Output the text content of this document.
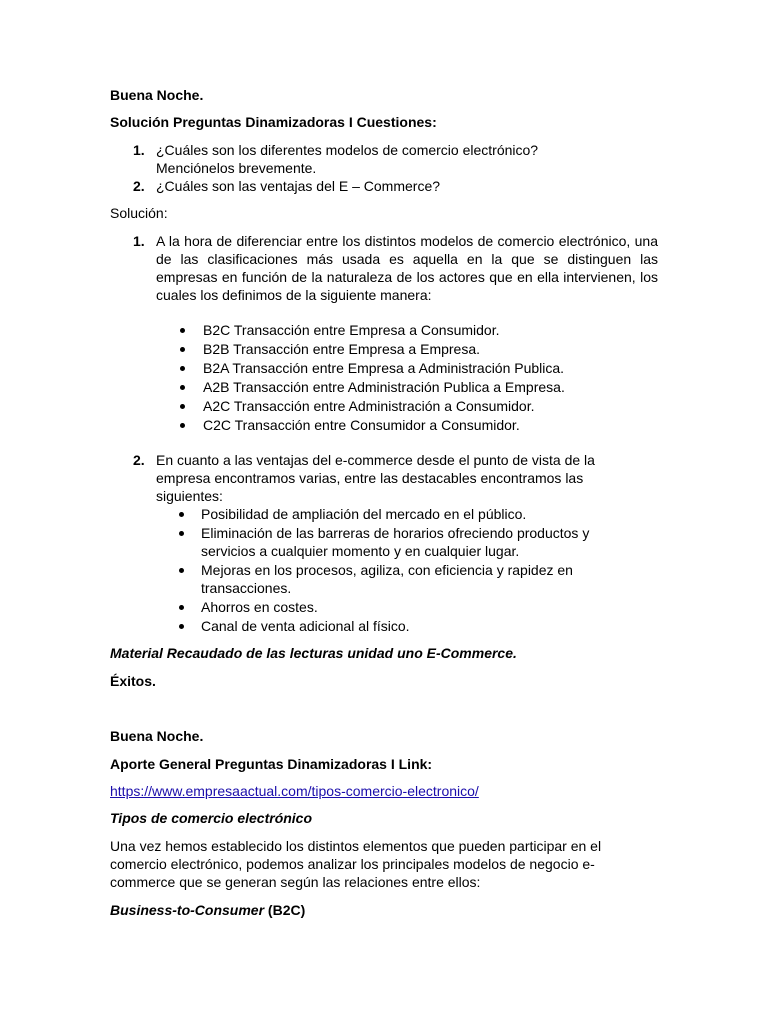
Buena Noche.
Solución Preguntas Dinamizadoras I Cuestiones:
1. ¿Cuáles son los diferentes modelos de comercio electrónico?
Menciónelos brevemente.
2. ¿Cuáles son las ventajas del E – Commerce?
Solución:
1. A la hora de diferenciar entre los distintos modelos de comercio electrónico, una de las clasificaciones más usada es aquella en la que se distinguen las empresas en función de la naturaleza de los actores que en ella intervienen, los cuales los definimos de la siguiente manera:
B2C Transacción entre Empresa a Consumidor.
B2B Transacción entre Empresa a Empresa.
B2A Transacción entre Empresa a Administración Publica.
A2B Transacción entre Administración Publica a Empresa.
A2C Transacción entre Administración a Consumidor.
C2C Transacción entre Consumidor a Consumidor.
2. En cuanto a las ventajas del e-commerce desde el punto de vista de la
empresa encontramos varias, entre las destacables encontramos las
siguientes:
Posibilidad de ampliación del mercado en el público.
Eliminación de las barreras de horarios ofreciendo productos y
servicios a cualquier momento y en cualquier lugar.
Mejoras en los procesos, agiliza, con eficiencia y rapidez en
transacciones.
Ahorros en costes.
Canal de venta adicional al físico.
Material Recaudado de las lecturas unidad uno E-Commerce.
Éxitos.
Buena Noche.
Aporte General Preguntas Dinamizadoras I Link:
https://www.empresaactual.com/tipos-comercio-electronico/
Tipos de comercio electrónico
Una vez hemos establecido los distintos elementos que pueden participar en el
comercio electrónico, podemos analizar los principales modelos de negocio e-
commerce que se generan según las relaciones entre ellos:
Business-to-Consumer (B2C)
